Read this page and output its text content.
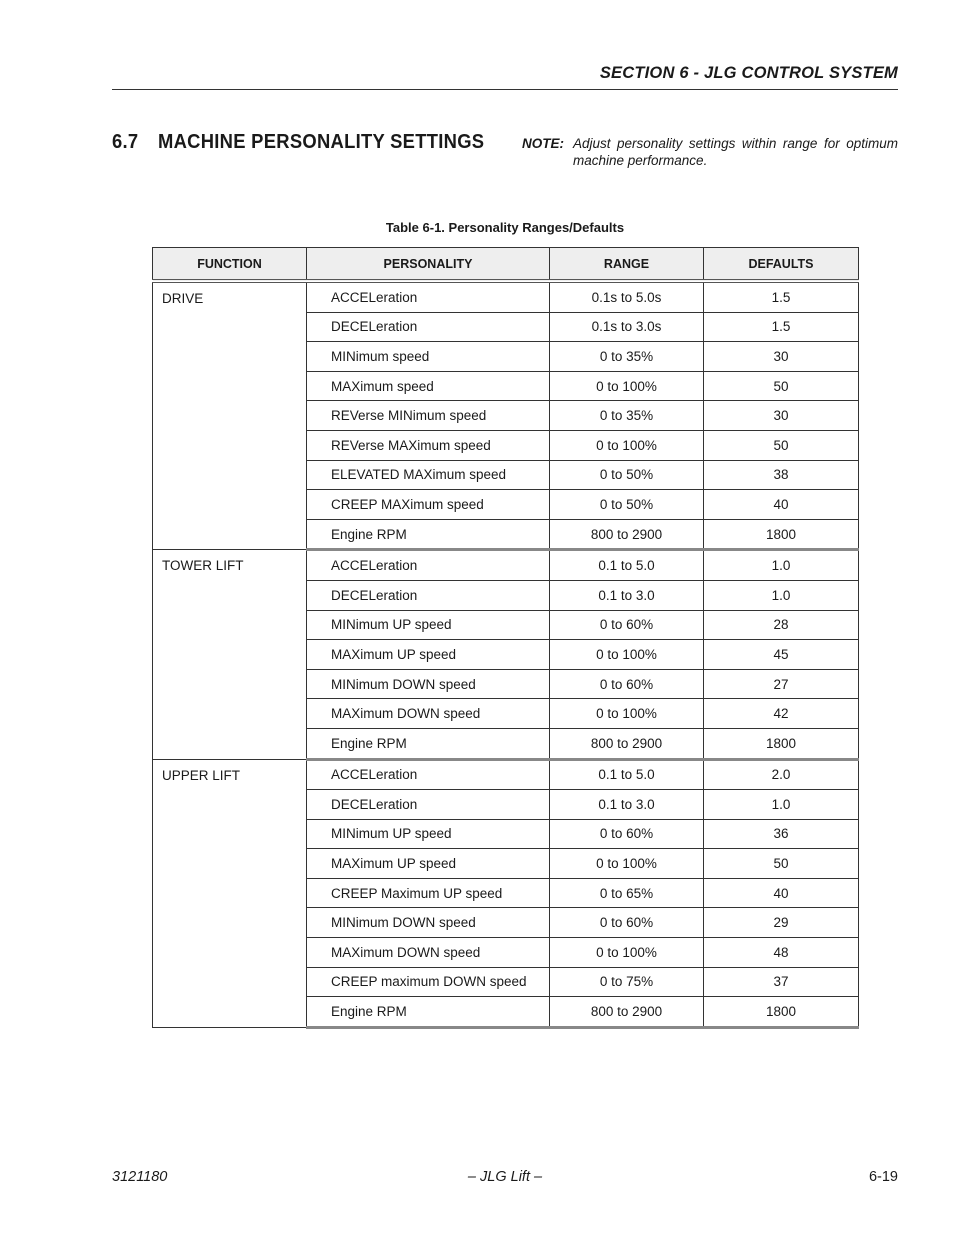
SECTION 6 - JLG CONTROL SYSTEM
6.7 MACHINE PERSONALITY SETTINGS	NOTE: Adjust personality settings within range for optimum machine performance.
Table 6-1. Personality Ranges/Defaults
FUNCTION	PERSONALITY	RANGE	DEFAULTS
DRIVE	ACCELeration	0.1s to 5.0s	1.5
	DECELeration	0.1s to 3.0s	1.5
	MINimum speed	0 to 35%	30
	MAXimum speed	0 to 100%	50
	REVerse MINimum speed	0 to 35%	30
	REVerse MAXimum speed	0 to 100%	50
	ELEVATED MAXimum speed	0 to 50%	38
	CREEP MAXimum speed	0 to 50%	40
	Engine RPM	800 to 2900	1800
TOWER LIFT	ACCELeration	0.1 to 5.0	1.0
	DECELeration	0.1 to 3.0	1.0
	MINimum UP speed	0 to 60%	28
	MAXimum UP speed	0 to 100%	45
	MINimum DOWN speed	0 to 60%	27
	MAXimum DOWN speed	0 to 100%	42
	Engine RPM	800 to 2900	1800
UPPER LIFT	ACCELeration	0.1 to 5.0	2.0
	DECELeration	0.1 to 3.0	1.0
	MINimum UP speed	0 to 60%	36
	MAXimum UP speed	0 to 100%	50
	CREEP Maximum UP speed	0 to 65%	40
	MINimum DOWN speed	0 to 60%	29
	MAXimum DOWN speed	0 to 100%	48
	CREEP maximum DOWN speed	0 to 75%	37
	Engine RPM	800 to 2900	1800
3121180	– JLG Lift –	6-19
